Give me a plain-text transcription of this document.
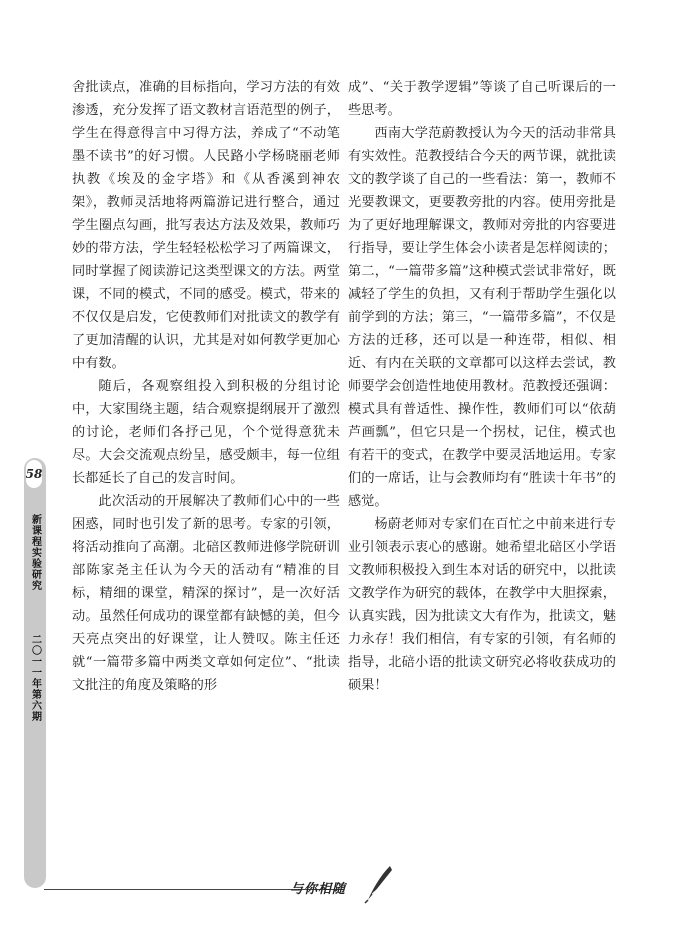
58
新课程实验研究
二〇一一年第六期

舍批读点，准确的目标指向，学习方法的有效渗透，充分发挥了语文教材言语范型的例子，学生在得意得言中习得方法，养成了“不动笔墨不读书”的好习惯。人民路小学杨晓丽老师执教《埃及的金字塔》和《从香溪到神农架》，教师灵活地将两篇游记进行整合，通过学生圈点勾画，批写表达方法及效果，教师巧妙的带方法，学生轻轻松松学习了两篇课文，同时掌握了阅读游记这类型课文的方法。两堂课，不同的模式，不同的感受。模式，带来的不仅仅是启发，它使教师们对批读文的教学有了更加清醒的认识，尤其是对如何教学更加心中有数。

随后，各观察组投入到积极的分组讨论中，大家围绕主题，结合观察提纲展开了激烈的讨论，老师们各抒己见，个个觉得意犹未尽。大会交流观点纷呈，感受颇丰，每一位组长都延长了自己的发言时间。

此次活动的开展解决了教师们心中的一些困惑，同时也引发了新的思考。专家的引领，将活动推向了高潮。北碚区教师进修学院研训部陈家尧主任认为今天的活动有“精准的目标，精细的课堂，精深的探讨”，是一次好活动。虽然任何成功的课堂都有缺憾的美，但今天亮点突出的好课堂，让人赞叹。陈主任还就“一篇带多篇中两类文章如何定位”、“批读文批注的角度及策略的形

成”、“关于教学逻辑”等谈了自己听课后的一些思考。

西南大学范蔚教授认为今天的活动非常具有实效性。范教授结合今天的两节课，就批读文的教学谈了自己的一些看法：第一，教师不光要教课文，更要教旁批的内容。使用旁批是为了更好地理解课文，教师对旁批的内容要进行指导，要让学生体会小读者是怎样阅读的；第二，“一篇带多篇”这种模式尝试非常好，既减轻了学生的负担，又有利于帮助学生强化以前学到的方法；第三，“一篇带多篇”，不仅是方法的迁移，还可以是一种连带，相似、相近、有内在关联的文章都可以这样去尝试，教师要学会创造性地使用教材。范教授还强调：模式具有普适性、操作性，教师们可以“依葫芦画瓢”，但它只是一个拐杖，记住，模式也有若干的变式，在教学中要灵活地运用。专家们的一席话，让与会教师均有“胜读十年书”的感觉。

杨蔚老师对专家们在百忙之中前来进行专业引领表示衷心的感谢。她希望北碚区小学语文教师积极投入到生本对话的研究中，以批读文教学作为研究的载体，在教学中大胆探索，认真实践，因为批读文大有作为，批读文，魅力永存！我们相信，有专家的引领，有名师的指导，北碚小语的批读文研究必将收获成功的硕果！

与你相随
